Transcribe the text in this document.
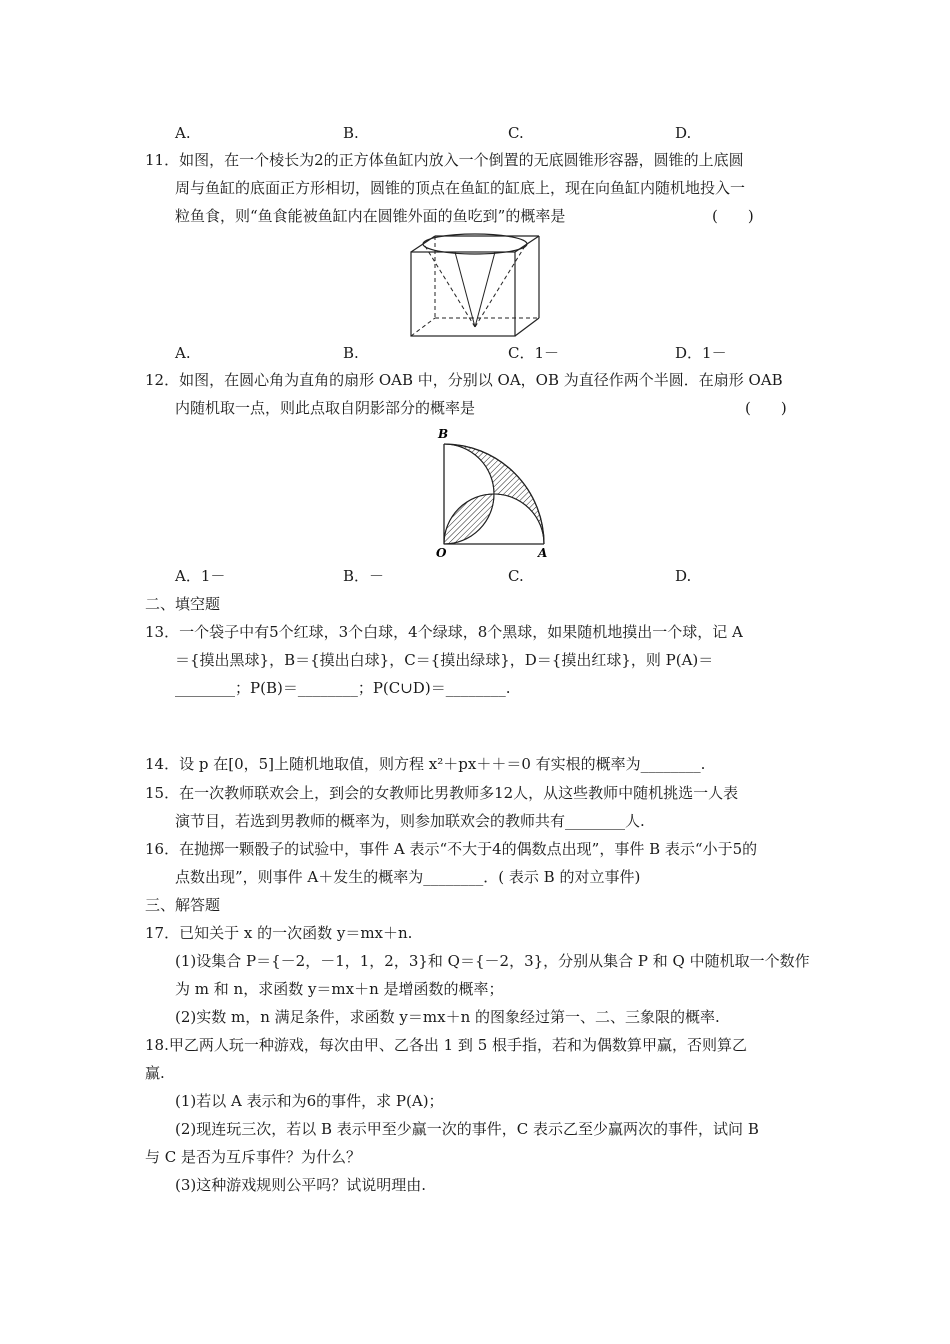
A.	B.	C.	D.
11．如图，在一个棱长为2的正方体鱼缸内放入一个倒置的无底圆锥形容器，圆锥的上底圆
周与鱼缸的底面正方形相切，圆锥的顶点在鱼缸的缸底上，现在向鱼缸内随机地投入一
粒鱼食，则“鱼食能被鱼缸内在圆锥外面的鱼吃到”的概率是	(　　)
A.	B.	C．1－	D．1－
12．如图，在圆心角为直角的扇形 OAB 中，分别以 OA，OB 为直径作两个半圆．在扇形 OAB
内随机取一点，则此点取自阴影部分的概率是	(　　)
B
O	A
A．1－	B．－	C.	D.
二、填空题
13．一个袋子中有5个红球，3个白球，4个绿球，8个黑球，如果随机地摸出一个球，记 A
＝{摸出黑球}，B＝{摸出白球}，C＝{摸出绿球}，D＝{摸出红球}，则 P(A)＝
________；P(B)＝________；P(C∪D)＝________.
14．设 p 在[0，5]上随机地取值，则方程 x²＋px＋＋＝0 有实根的概率为________.
15．在一次教师联欢会上，到会的女教师比男教师多12人，从这些教师中随机挑选一人表
演节目，若选到男教师的概率为，则参加联欢会的教师共有________人.
16．在抛掷一颗骰子的试验中，事件 A 表示“不大于4的偶数点出现”，事件 B 表示“小于5的
点数出现”，则事件 A＋发生的概率为________．( 表示 B 的对立事件)
三、解答题
17．已知关于 x 的一次函数 y＝mx＋n.
(1)设集合 P＝{－2，－1，1，2，3}和 Q＝{－2，3}，分别从集合 P 和 Q 中随机取一个数作
为 m 和 n，求函数 y＝mx＋n 是增函数的概率；
(2)实数 m，n 满足条件，求函数 y＝mx＋n 的图象经过第一、二、三象限的概率.
18.甲乙两人玩一种游戏，每次由甲、乙各出 1 到 5 根手指，若和为偶数算甲赢，否则算乙
赢.
(1)若以 A 表示和为6的事件，求 P(A)；
(2)现连玩三次，若以 B 表示甲至少赢一次的事件，C 表示乙至少赢两次的事件，试问 B
与 C 是否为互斥事件？为什么？
(3)这种游戏规则公平吗？试说明理由.
